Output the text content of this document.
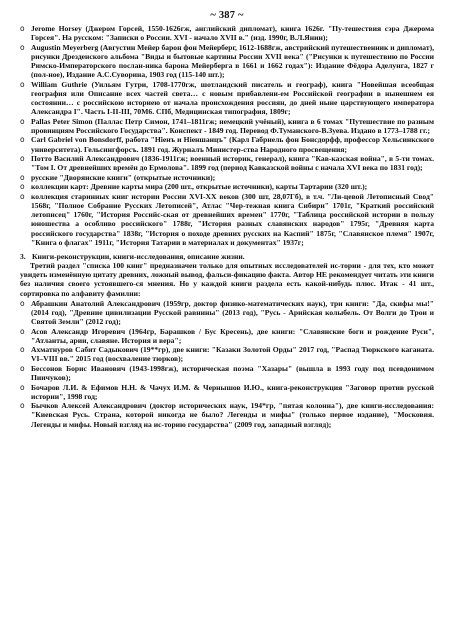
~ 387 ~
o Jerome Horsey (Джером Горсей, 1550-1626гж, английский дипломат), книга 1626г. "Пу-тешествия сэра Джерома Горсея". На русском: "Записки о России. XVI - начало XVII в." (изд. 1990г, В.Л.Янин);
o Augustin Meyerberg (Августин Мейер барон фон Мейерберг, 1612-1688гж, австрийский путешественник и дипломат), рисунки Дрезденского альбома "Виды и бытовые картины России XVII века" ("Рисунки к путешествию по России Римско-Императорского послан-ника барона Мейерберга в 1661 и 1662 годах"): Издание Фёдора Аделунга, 1827 г (пол-ное), Издание А.С.Суворина, 1903 год (115-140 шт.);
o William Guthrie (Уильям Гутри, 1708-1770гж, шотландский писатель и географ), книга "Новейшая всеобщая география или Описание всех частей света… с новым прибавлени-ем Российской географии в нынешнем ея состоянии… с российскою историею от начала происхождения россиян, до дней ныне царствующего императора Александра I". Часть I-II-III, 70М6. СПб, Медицинская типография, 1809г;
o Pallas Peter Simon (Паллас Петр Симон, 1741–1811гж; немецкий учёный), книга в 6 томах "Путешествие по разным провинциям Российского Государства". Конспект - 1849 год. Перевод Ф.Туманского-В.Зуева. Издано в 1773–1788 гг.;
o Carl Gabriel von Bonsdorff, работа "Ніенъ и Ніеншанцъ" (Карл Габриель фон Бонсдорфф, профессор Хельсинкского университета). Гельсингфорсъ. 1891 год. Журналъ Министер-ства Народного просвещения;
o Потто Василий Александрович (1836-1911гж; военный историк, генерал), книга "Кав-казская война", в 5-ти томах. "Том I. От древнейших времён до Ермолова". 1899 год (период Кавказской войны с начала XVI века по 1831 год);
o русские "Дворянские книги" (открытые источники);
o коллекции карт: Древние карты мира (200 шт., открытые источники), карты Тартарии (320 шт.);
o коллекция старинных книг истории России XVI-XX веков (300 шт, 28,07Гб), в т.ч. "Ли-цевой Летописный Свод" 1568г, "Полное Собрание Русских Летописей", Атлас "Чер-тежная книга Сибири" 1701г, "Краткий российский летописец" 1760г, "История Российс-ская от древнейших времен" 1770г, "Таблица российской истории в пользу юношества а особливо российского" 1788г, "История разных славянских народов" 1795г, "Древняя карта российского государства" 1838г, "История о походе древних русских на Каспий" 1875г, "Славянское племя" 1907г, "Книга о флагах" 1911г, "История Татарии в материалах и документах" 1937г;
3. Книги-реконструкции, книги-исследования, описание жизни.

Третий раздел "списка 100 книг" предназначен только для опытных исследователей ис-тории - для тех, кто может увидеть изменённую цитату древних, ложный вывод, фальси-фикацию факта. Автор НЕ рекомендует читать эти книги без наличия своего устоявшего-ся мнения. Но у каждой книги раздела есть какой-нибудь плюс. Итак - 41 шт., сортировка по алфавиту фамилии:

o Абрашкин Анатолий Александрович (1959гр, доктор физико-математических наук), три книги: "Да, скифы мы!" (2014 год), "Древние цивилизации Русской равнины" (2013 год), "Русь - Арийская колыбель. От Волги до Трои и Святой Земли" (2012 год);
o Асов Александр Игоревич (1964гр, Барашков / Бус Кресень), две книги: "Славянские боги и рождение Руси", "Атланты, арии, славяне. История и вера";
o Ахматнуров Сабит Садыкович (19**гр), две книги: "Казаки Золотой Орды" 2017 год, "Распад Тюркского каганата. VI–VIII вв." 2015 год (восхваление тюрков);
o Бессонов Борис Иванович (1943-1998гж), историческая поэма "Хазары" (вышла в 1993 году под псевдонимом Пиичуков);
o Бочаров Л.И. & Ефимов Н.Н. & Чачух И.М. & Чернышов И.Ю., книга-реконструкция "Заговор против русской истории", 1998 год;
o Бычков Алексей Александрович (доктор исторических наук, 194*гр, "пятая колонна"), две книги-исследования: "Киевская Русь. Страна, которой никогда не было? Легенды и мифы" (только первое издание), "Московия. Легенды и мифы. Новый взгляд на ис-торию государства" (2009 год, западный взгляд);
